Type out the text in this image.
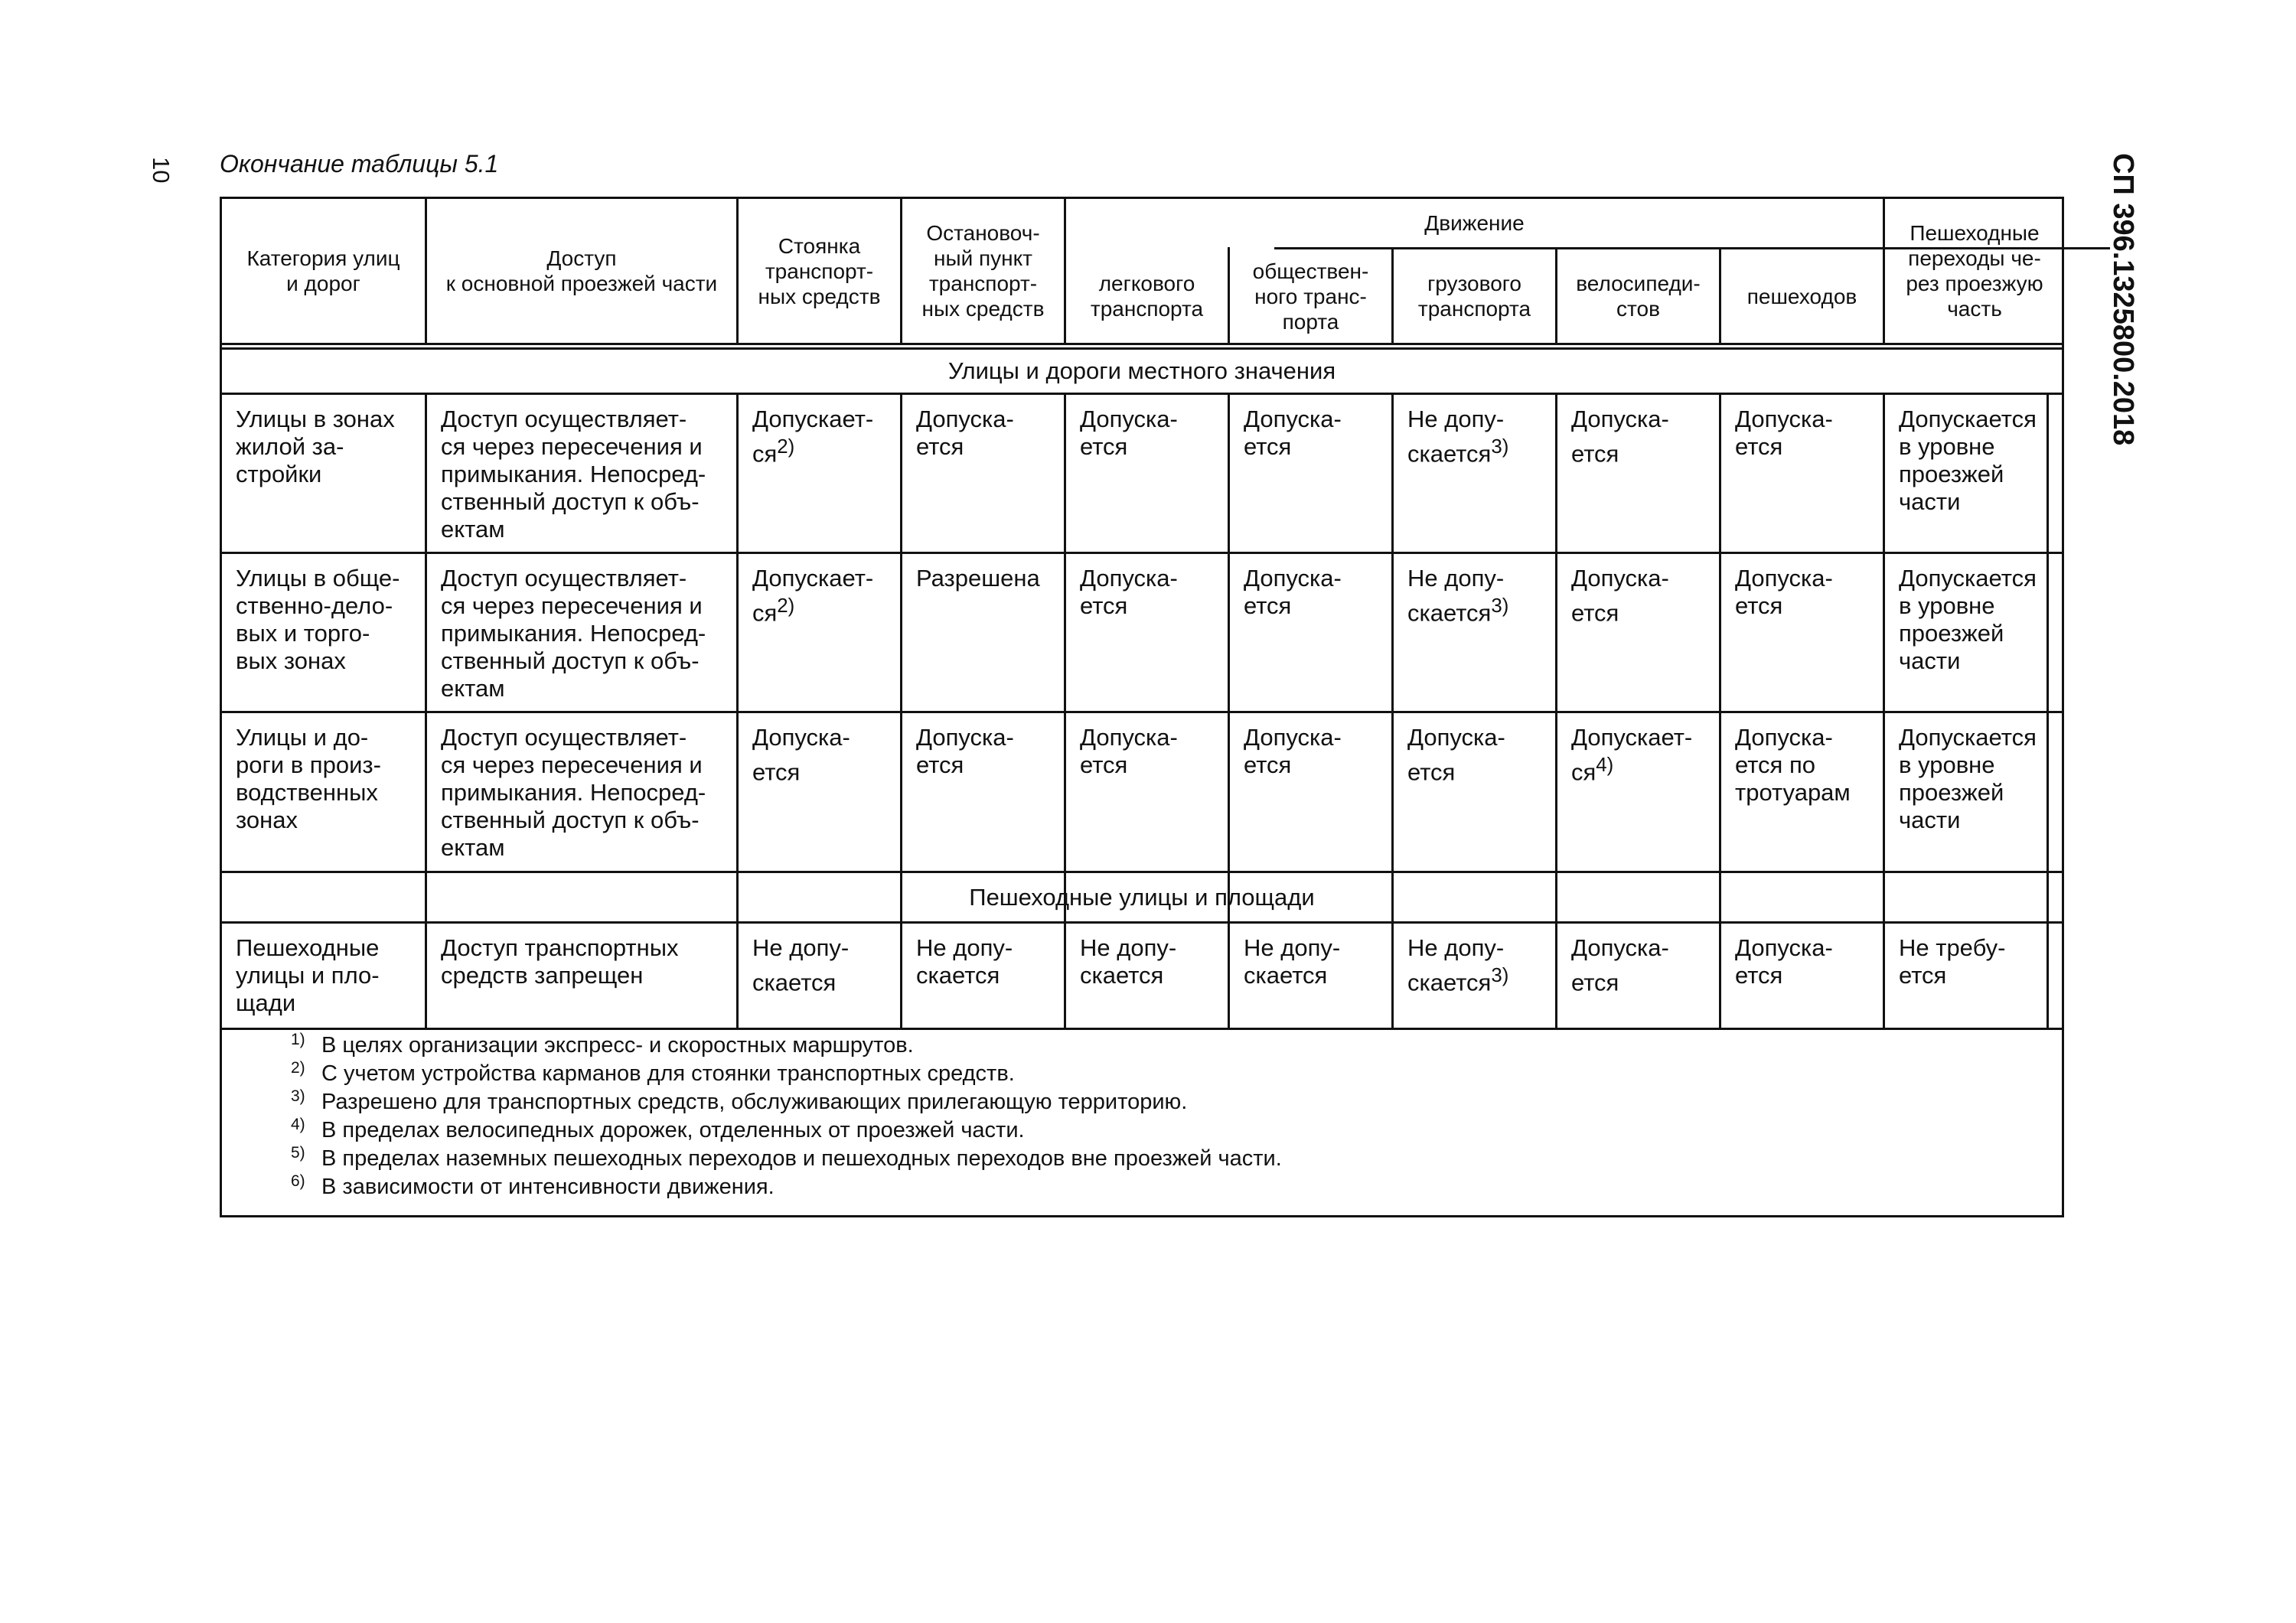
10 Окончание таблицы 5.1	СП 396.1325800.2018
Категория улиц
и дорог
Доступ
к основной проезжей части
Стоянка
транспорт-
ных средств
Остановоч-
ный пункт
транспорт-
ных средств
Движение
легкового
транспорта
обществен-
ного транс-
порта
грузового
транспорта
велосипеди-
стов
пешеходов
Пешеходные
переходы че-
рез проезжую
часть
Улицы и дороги местного значения
Улицы в зонах
жилой за-
стройки
Доступ осуществляет-
ся через пересечения и
примыкания. Непосред-
ственный доступ к объ-
ектам
Допускает-
$ся^{2)}$
Допуска-
ется
Допуска-
ется
Допуска-
ется
Не допу-
скается$^{3)}$
Допуска-
ется
Допуска-
ется
Допускается
в уровне
проезжей
части
Улицы в обще-
ственно-дело-
вых и торго-
вых зонах
Доступ осуществляет-
ся через пересечения и
примыкания. Непосред-
ственный доступ к объ-
ектам
Допускает-
$ся^{2)}$
Разрешена	Допуска-
ется
Допуска-
ется
Не допу-
скается$^{3)}$
Допуска-
ется
Допуска-
ется
Допускается
в уровне
проезжей
части
Улицы и до-
роги в произ-
водственных
зонах
Доступ осуществляет-
ся через пересечения и
примыкания. Непосред-
ственный доступ к объ-
ектам
Допуска-
ется
Допуска-
ется
Допуска-
ется
Допуска-
ется
Допуска-
ется
Допускает-
$ся^{4)}$
Допуска-
ется по
тротуарам
Допускается
в уровне
проезжей
части
Пешеходные улицы и площади
Пешеходные
улицы и пло-
щади
Доступ транспортных
средств запрещен
Не допу-
скается
Не допу-
скается
Не допу-
скается
Не допу-
скается
Не допу-
скается$^{3)}$
Допуска-
ется
Допуска-
ется
Не требу-
ется
1) В целях организации экспресс- и скоростных маршрутов.
2) С учетом устройства карманов для стоянки транспортных средств.
3) Разрешено для транспортных средств, обслуживающих прилегающую территорию.
4) В пределах велосипедных дорожек, отделенных от проезжей части.
5) В пределах наземных пешеходных переходов и пешеходных переходов вне проезжей части.
6) В зависимости от интенсивности движения.
